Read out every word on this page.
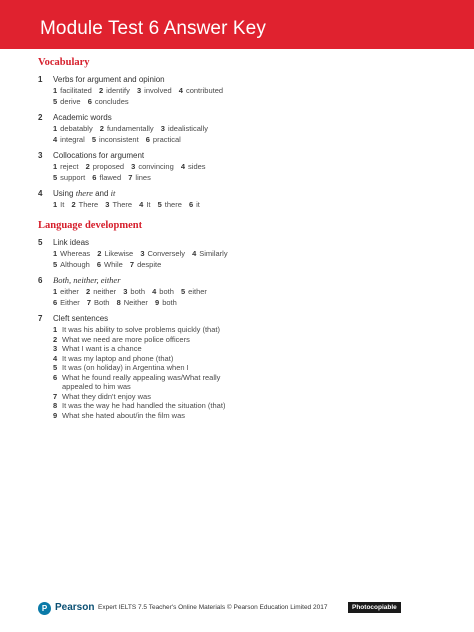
Module Test 6 Answer Key
Vocabulary
1 Verbs for argument and opinion
1 facilitated 2 identify 3 involved 4 contributed
5 derive 6 concludes
2 Academic words
1 debatably 2 fundamentally 3 idealistically
4 integral 5 inconsistent 6 practical
3 Collocations for argument
1 reject 2 proposed 3 convincing 4 sides
5 support 6 flawed 7 lines
4 Using there and it
1 It 2 There 3 There 4 It 5 there 6 it
Language development
5 Link ideas
1 Whereas 2 Likewise 3 Conversely 4 Similarly
5 Although 6 While 7 despite
6 Both, neither, either
1 either 2 neither 3 both 4 both 5 either
6 Either 7 Both 8 Neither 9 both
7 Cleft sentences
1 It was his ability to solve problems quickly (that)
2 What we need are more police officers
3 What I want is a chance
4 It was my laptop and phone (that)
5 It was (on holiday) in Argentina when I
6 What he found really appealing was/What really
appealed to him was
7 What they didn't enjoy was
8 It was the way he had handled the situation (that)
9 What she hated about/in the film was
P Pearson Expert IELTS 7.5 Teacher's Online Materials © Pearson Education Limited 2017	Photocopiable
